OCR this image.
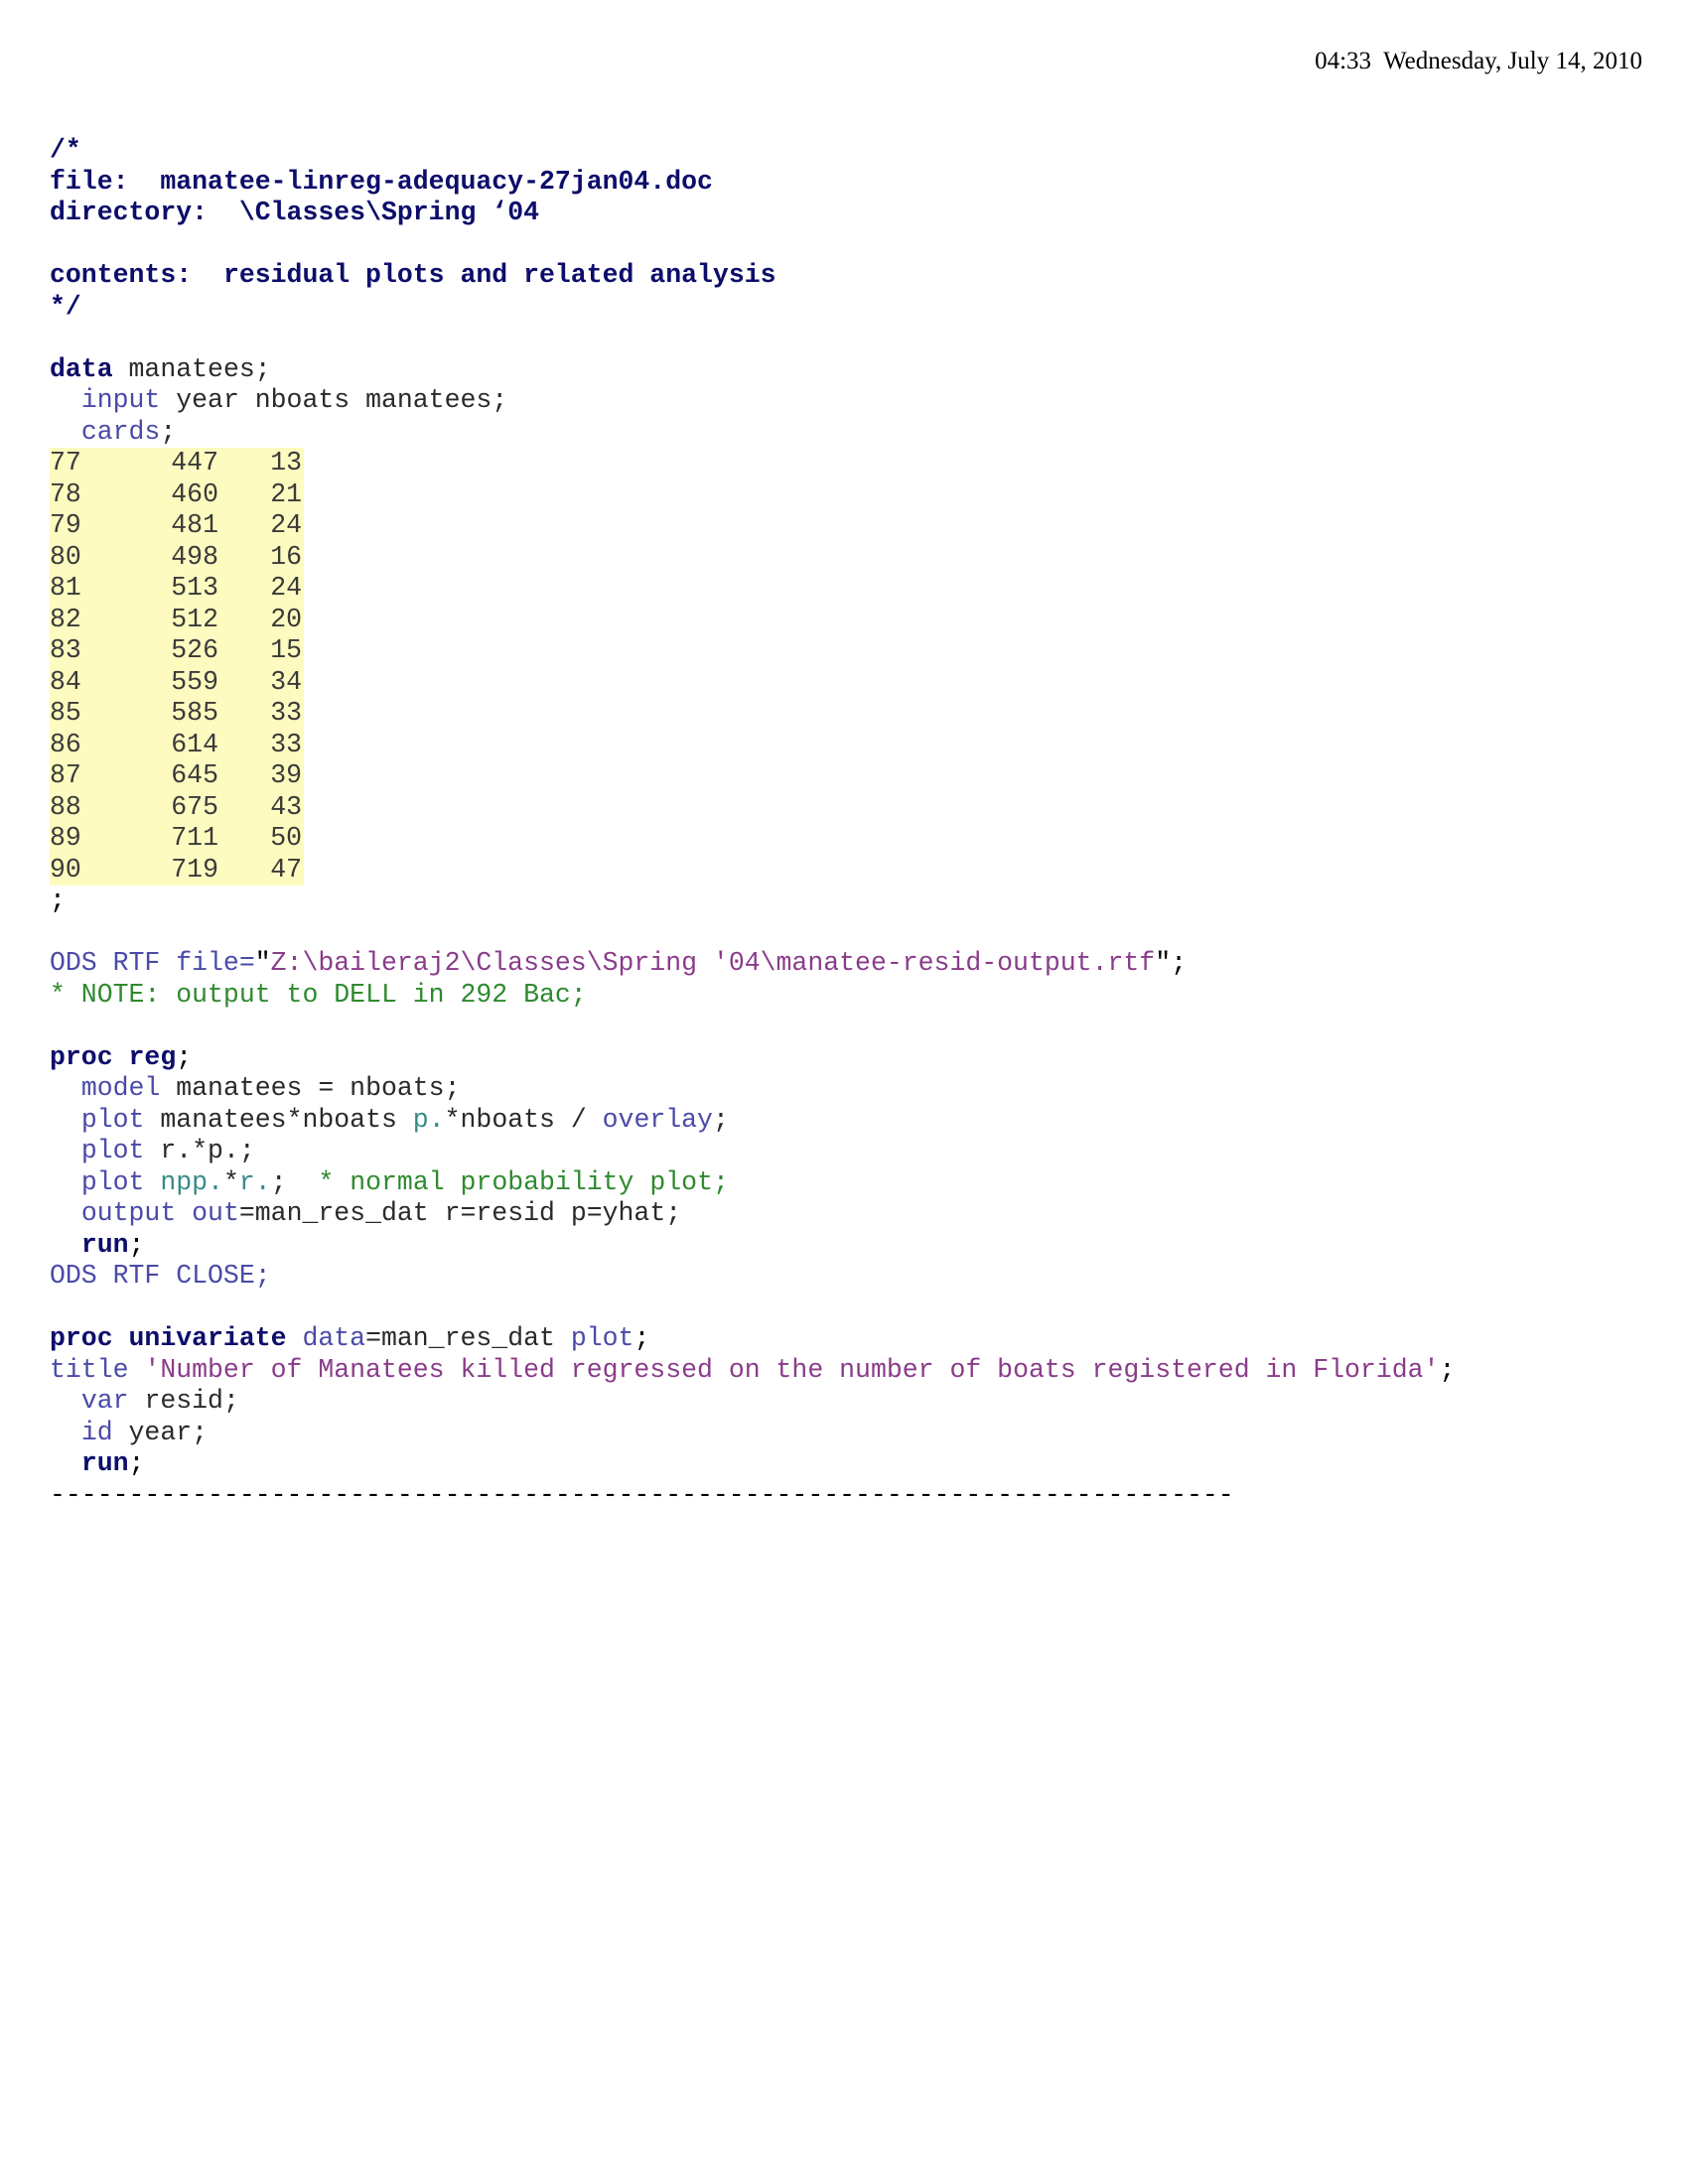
04:33  Wednesday, July 14, 2010
/*
file: manatee-linreg-adequacy-27jan04.doc
directory: \Classes\Spring ‘04
contents: residual plots and related analysis
*/
data manatees;
input year nboats manatees;
cards;
77	447 13
78	460 21
79	481 24
80	498 16
81	513 24
82	512 20
83	526 15
84	559 34
85	585 33
86	614 33
87	645 39
88	675 43
89	711 50
90	719 47
;
ODS RTF file="Z:\baileraj2\Classes\Spring '04\manatee-resid-output.rtf";
* NOTE: output to DELL in 292 Bac;
proc reg;
model manatees = nboats;
plot manatees*nboats p.*nboats / overlay;
plot r.*p.;
plot npp.*r.; * normal probability plot;
output out=man_res_dat r=resid p=yhat;
run;
ODS RTF CLOSE;
proc univariate data=man_res_dat plot;
title 'Number of Manatees killed regressed on the number of boats registered in Florida';
var resid;
id year;
run;
---------------------------------------------------------------------------
